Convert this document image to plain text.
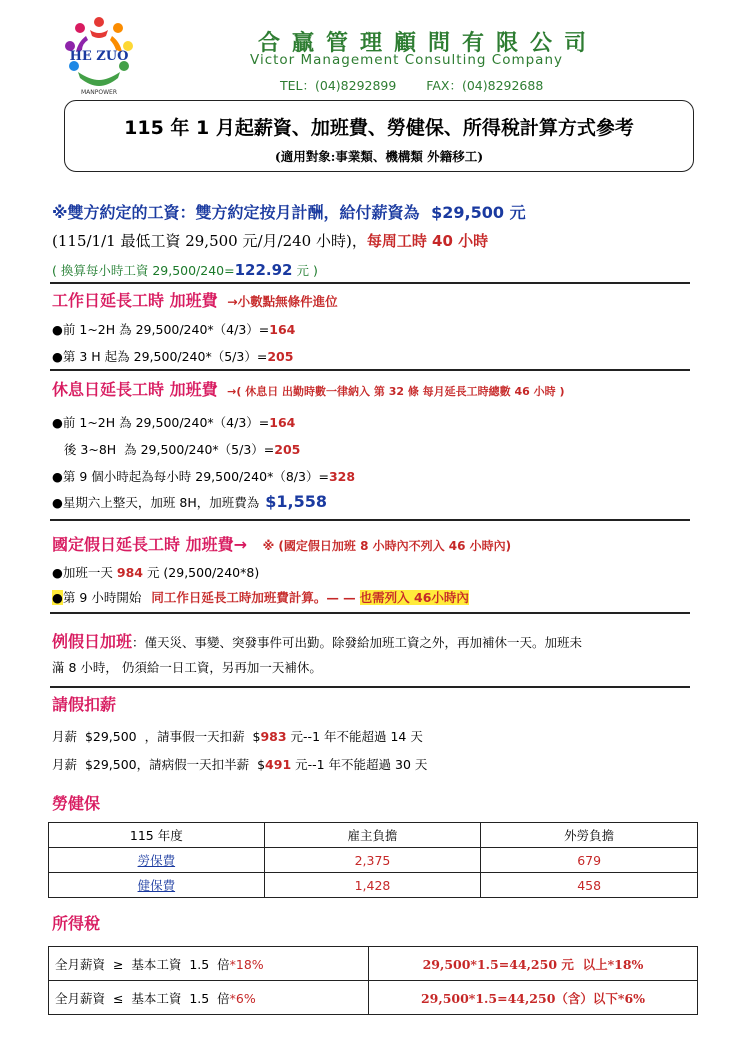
HE ZUO
MANPOWER
合贏管理顧問有限公司
Victor Management Consulting Company
TEL：(04)8292899 FAX：(04)8292688
115 年 1 月起薪資、加班費、勞健保、所得稅計算方式參考
(適用對象:事業類、機構類 外籍移工)
※雙方約定的工資：雙方約定按月計酬，給付薪資為 $29,500 元
(115/1/1 最低工資 29,500 元/月/240 小時)，每周工時 40 小時
( 換算每小時工資 29,500/240=122.92 元 )
工作日延長工時 加班費 →小數點無條件進位
●前 1~2H 為 29,500/240*（4/3）=164
●第 3 H 起為 29,500/240*（5/3）=205
休息日延長工時 加班費 →( 休息日 出勤時數一律納入 第 32 條 每月延長工時總數 46 小時 )
●前 1~2H 為 29,500/240*（4/3）=164
後 3~8H  為 29,500/240*（5/3）=205
●第 9 個小時起為每小時 29,500/240*（8/3）=328
●星期六上整天，加班 8H，加班費為 $1,558
國定假日延長工時 加班費→ ※ (國定假日加班 8 小時內不列入 46 小時內)
●加班一天 984 元 (29,500/240*8)
●第 9 小時開始 同工作日延長工時加班費計算。— — 也需列入 46小時內
例假日加班：僅天災、事變、突發事件可出勤。除發給加班工資之外，再加補休一天。加班未
滿 8 小時， 仍須給一日工資，另再加一天補休。
請假扣薪
月薪  $29,500  ，請事假一天扣薪  $983 元--1 年不能超過 14 天
月薪  $29,500，請病假一天扣半薪  $491 元--1 年不能超過 30 天
勞健保
115 年度	雇主負擔	外勞負擔
勞保費	2,375	679
健保費	1,428	458
所得稅
全月薪資  ≥  基本工資  1.5  倍*18%	29,500*1.5=44,250 元  以上*18%
全月薪資  ≤  基本工資  1.5  倍*6%	29,500*1.5=44,250（含）以下*6%
